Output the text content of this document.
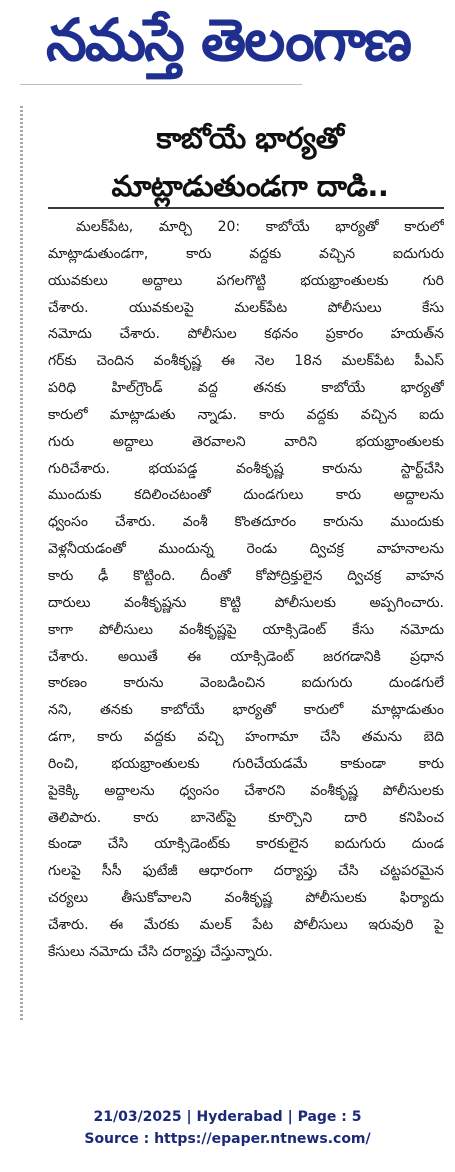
నమస్తే తెలంగాణ
కాబోయే భార్యతో
మాట్లాడుతుండగా దాడి..
మలక్‌పేట, మార్చి 20: కాబోయే భార్యతో కారులో
మాట్లాడుతుండగా, కారు వద్దకు వచ్చిన ఐదుగురు
యువకులు అద్దాలు పగలగొట్టి భయభ్రాంతులకు గురి
చేశారు. యువకులపై మలక్‌పేట పోలీసులు కేసు
నమోదు చేశారు. పోలీసుల కథనం ప్రకారం హయత్‌న
గర్‌కు చెందిన వంశీకృష్ణ ఈ నెల 18న మలక్‌పేట పీఎస్
పరిధి హిల్‌గ్రౌండ్ వద్ద తనకు కాబోయే భార్యతో
కారులో మాట్లాడుతు న్నాడు. కారు వద్దకు వచ్చిన ఐదు
గురు అద్దాలు తెరవాలని వారిని భయభ్రాంతులకు
గురిచేశారు. భయపడ్డ వంశీకృష్ణ కారును స్టార్ట్‌చేసి
ముందుకు కదిలించటంతో దుండగులు కారు అద్దాలను
ధ్వంసం చేశారు. వంశీ కొంతదూరం కారును ముందుకు
వెళ్లనీయడంతో ముందున్న రెండు ద్విచక్ర వాహనాలను
కారు ఢీ కొట్టింది. దీంతో కోపోద్రిక్తులైన ద్విచక్ర వాహన
దారులు వంశీకృష్ణను కొట్టి పోలీసులకు అప్పగించారు.
కాగా పోలీసులు వంశీకృష్ణపై యాక్సిడెంట్ కేసు నమోదు
చేశారు. అయితే ఈ యాక్సిడెంట్ జరగడానికి ప్రధాన
కారణం కారును వెంబడించిన ఐదుగురు దుండగులే
నని, తనకు కాబోయే భార్యతో కారులో మాట్లాడుతుం
డగా, కారు వద్దకు వచ్చి హంగామా చేసి తమను బెది
రించి, భయభ్రాంతులకు గురిచేయడమే కాకుండా కారు
పైకెక్కి అద్దాలను ధ్వంసం చేశారని వంశీకృష్ణ పోలీసులకు
తెలిపారు. కారు బానెట్‌పై కూర్చొని దారి కనిపించ
కుండా చేసి యాక్సిడెంట్‌కు కారకులైన ఐదుగురు దుండ
గులపై సీసీ ఫుటేజీ ఆధారంగా దర్యాప్తు చేసి చట్టపరమైన
చర్యలు తీసుకోవాలని వంశీకృష్ణ పోలీసులకు ఫిర్యాదు
చేశారు. ఈ మేరకు మలక్ పేట పోలీసులు ఇరువురి పై
కేసులు నమోదు చేసి దర్యాప్తు చేస్తున్నారు.
21/03/2025 | Hyderabad | Page : 5
Source : https://epaper.ntnews.com/
